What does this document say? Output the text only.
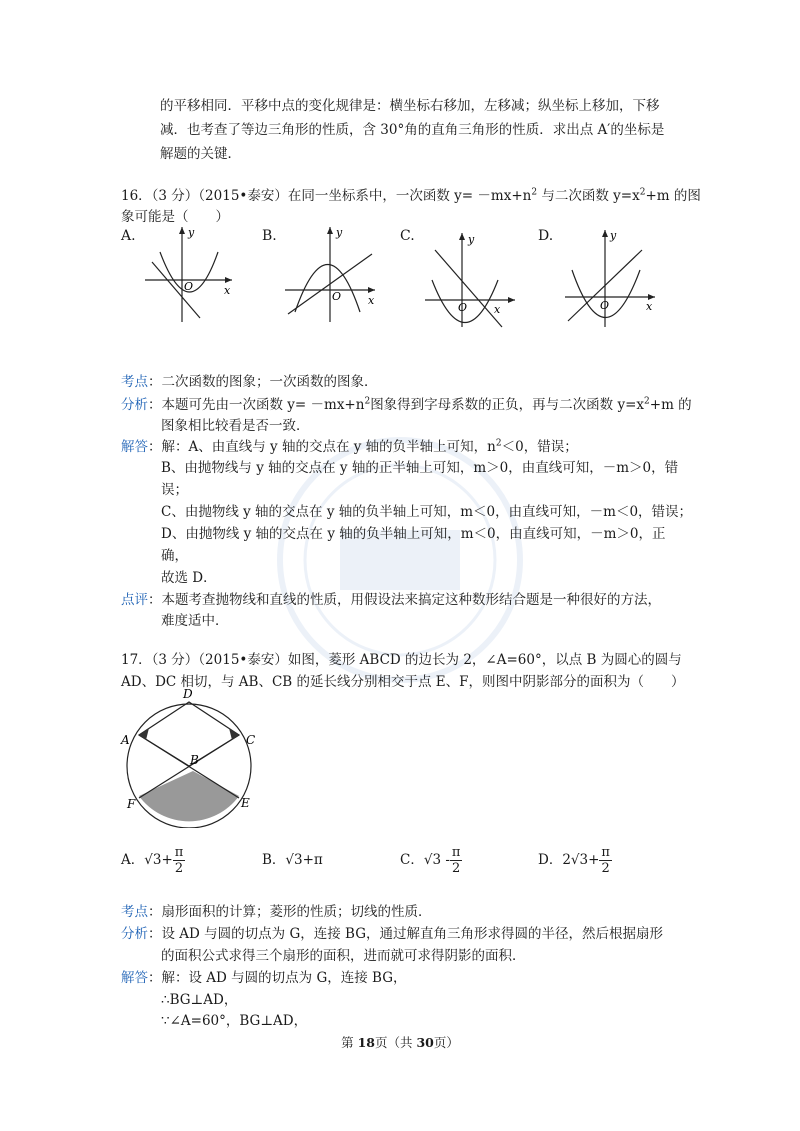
的平移相同．平移中点的变化规律是：横坐标右移加，左移减；纵坐标上移加，下移
减．也考查了等边三角形的性质，含 30°角的直角三角形的性质．求出点 A′的坐标是
解题的关键．
16．（3 分）（2015•泰安）在同一坐标系中，一次函数 $y= -mx+n^2$ 与二次函数 $y=x^2+m$ 的图
象可能是（　　）
A.	B.	C.	D.
y
x
O
y
x
O
y
x
O
y
x
O
考点：二次函数的图象；一次函数的图象．
分析：本题可先由一次函数 $y= -mx+n^2$图象得到字母系数的正负，再与二次函数 $y=x^2+m$ 的
图象相比较看是否一致．
解答：解：A、由直线与 y 轴的交点在 y 轴的负半轴上可知，$n^2<0$，错误；
B、由抛物线与 y 轴的交点在 y 轴的正半轴上可知，m＞0，由直线可知，－m＞0，错
误；
C、由抛物线 y 轴的交点在 y 轴的负半轴上可知，m＜0，由直线可知，－m＜0，错误；
D、由抛物线 y 轴的交点在 y 轴的负半轴上可知，m＜0，由直线可知，－m＞0，正
确，
故选 D．
点评：本题考查抛物线和直线的性质，用假设法来搞定这种数形结合题是一种很好的方法，
难度适中．
17．（3 分）（2015•泰安）如图，菱形 ABCD 的边长为 2，∠A=60°，以点 B 为圆心的圆与
AD、DC 相切，与 AB、CB 的延长线分别相交于点 E、F，则图中阴影部分的面积为（　　）
D
A	C
B
F	E
A．$√3+ \frac{\pi}{2}$	B．√3+π	C．$√3 - \frac{\pi}{2}$	D．$2√3+ \frac{\pi}{2}$
考点：扇形面积的计算；菱形的性质；切线的性质．
分析：设 AD 与圆的切点为 G，连接 BG，通过解直角三角形求得圆的半径，然后根据扇形
的面积公式求得三个扇形的面积，进而就可求得阴影的面积．
解答：解：设 AD 与圆的切点为 G，连接 BG，
∴BG⊥AD，
∵∠A=60°，BG⊥AD，
第 18页（共 30页）
